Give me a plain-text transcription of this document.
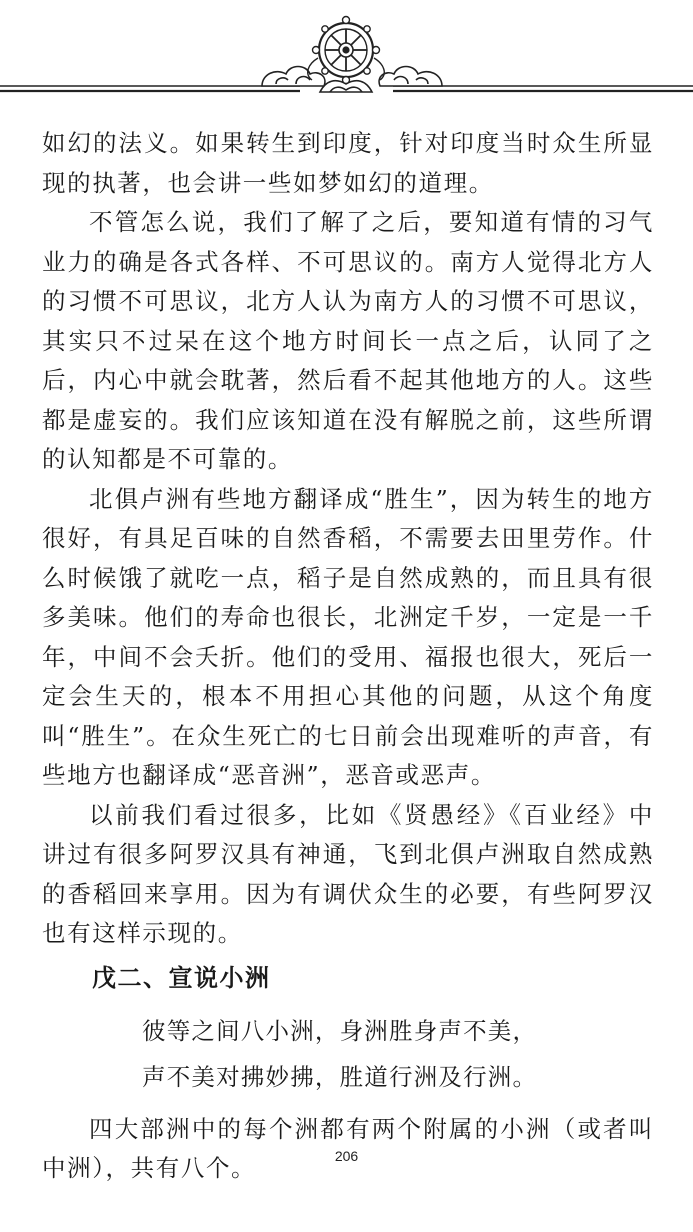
如幻的法义。如果转生到印度，针对印度当时众生所显现的执著，也会讲一些如梦如幻的道理。

不管怎么说，我们了解了之后，要知道有情的习气业力的确是各式各样、不可思议的。南方人觉得北方人的习惯不可思议，北方人认为南方人的习惯不可思议，其实只不过呆在这个地方时间长一点之后，认同了之后，内心中就会耽著，然后看不起其他地方的人。这些都是虚妄的。我们应该知道在没有解脱之前，这些所谓的认知都是不可靠的。

北俱卢洲有些地方翻译成“胜生”，因为转生的地方很好，有具足百味的自然香稻，不需要去田里劳作。什么时候饿了就吃一点，稻子是自然成熟的，而且具有很多美味。他们的寿命也很长，北洲定千岁，一定是一千年，中间不会夭折。他们的受用、福报也很大，死后一定会生天的，根本不用担心其他的问题，从这个角度叫“胜生”。在众生死亡的七日前会出现难听的声音，有些地方也翻译成“恶音洲”，恶音或恶声。

以前我们看过很多，比如《贤愚经》《百业经》中讲过有很多阿罗汉具有神通，飞到北俱卢洲取自然成熟的香稻回来享用。因为有调伏众生的必要，有些阿罗汉也有这样示现的。

戊二、宣说小洲

彼等之间八小洲，身洲胜身声不美，

声不美对拂妙拂，胜道行洲及行洲。

四大部洲中的每个洲都有两个附属的小洲（或者叫中洲），共有八个。	206
